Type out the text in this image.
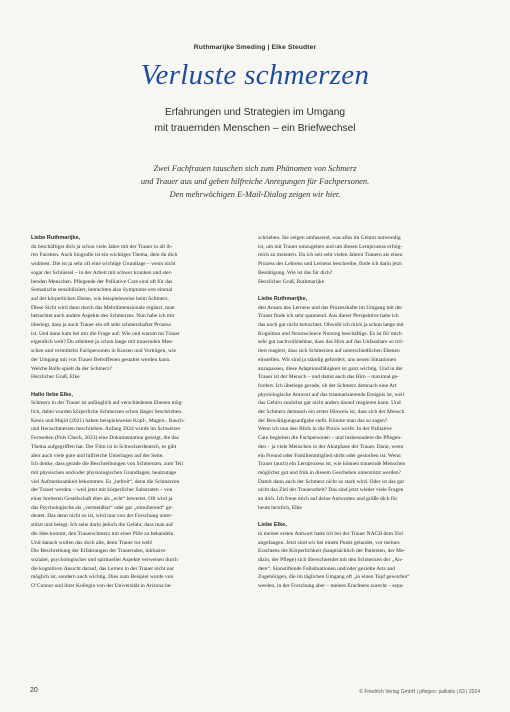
Ruthmarijke Smeding | Elke Steudter
Verluste schmerzen
Erfahrungen und Strategien im Umgang
mit trauernden Menschen – ein Briefwechsel
Zwei Fachfrauen tauschen sich zum Phänomen von Schmerz
und Trauer aus und geben hilfreiche Anregungen für Fachpersonen.
Den mehrwöchigen E-Mail-Dialog zeigen wir hier.
Liebe Ruthmarijke,
du beschäftigst dich ja schon viele Jahre mit der Trauer in all ih-
ren Facetten. Auch biografie ist ein wichtiges Thema, dem du dich
widmest. Die ist ja sehr oft eine wichtige Grundlage – wenn nicht
sogar der Schlüssel – in der Arbeit mit schwer kranken und ster-
benden Menschen. Pflegende der Palliative Care sind oft für das
Somatische sensibilisiert, betrachten also Symptome erst einmal
auf der körperlichen Ebene, wie beispielsweise beim Schmerz.
Diese Sicht wird dann durch das Mehrdimensionale ergänzt, man
betrachtet auch andere Aspekte des Schmerzes. Nun habe ich mir
überlegt, dass ja auch Trauer ein oft sehr schmerzhafter Prozess
ist. Und dann kam bei mir die Frage auf: Wie und warum tut Trauer
eigentlich weh? Du arbeitest ja schon lange mit trauernden Men-
schen und vermittelst Fachpersonen in Kursen und Vorträgen, wie
der Umgang mit von Trauer Betroffenen gestaltet werden kann.
Welche Rolle spielt da der Schmerz?
Herzlicher Gruß, Elke
Hallo liebe Elke,
Schmerz in der Trauer ist anfänglich auf verschiedenen Ebenen mög-
lich, dabei wurden körperliche Schmerzen schon länger beschrieben.
Kenis und Majid (2021) haben beispielsweise Kopf-, Magen-, Bauch-
und Herzschmerzen beschrieben. Anfang 2024 wurde im Schweizer
Fernsehen (Puls Check, 2023) eine Dokumentation gezeigt, die das
Thema aufgegriffen hat. Der Film ist in Schweizerdeutsch, es gibt
aber auch viele gute und hilfreiche Unterlagen auf der Seite.
Ich denke, dass gerade die Beschreibungen von Schmerzen, zum Teil
mit physischen und/oder physiologischen Grundlagen, heutzutage
viel Aufmerksamkeit bekommen. Es „befreit“, denn die Schmerzen
der Trauer werden – weil jetzt mit körperlicher Substraten – von
einer breiteren Gesellschaft eher als „echt“ bewertet. Oft wird ja
das Psychologische als „vermeidbar“ oder gar „simulierend“ ge-
deutet. Das denn nicht so ist, wird nun von der Forschung unter-
stützt und belegt. Ich sehe darin jedoch die Gefahr, dass man auf
die Idee kommt, den Trauerschmerz mit einer Pille zu behandeln.
Und danach wollen das doch alle, denn Trauer tut weh!
Die Beschreibung der Erfahrungen der Trauernden, inklusive
sozialer, psychologischer und spiritueller Aspekte verweisen durch
die kognitiven Ansicht darauf, das Lernen in der Trauer nicht nur
möglich ist, sondern auch wichtig. Dies zum Beispiel wurde von
O’Connor und ihrer Kollegin von der Universität in Arizona be-
schrieben. Sie zeigen umfassend, was alles im Gehirn notwendig
ist, um mit Trauer umzugehen und um diesen Lernprozess erfolg-
reich zu meistern. Da ich seit sehr vielen Jahren Trauern als einen
Prozess des Lehrens und Lernens beschreibe, finde ich darin jetzt
Bestätigung. Wie ist das für dich?
Herzlicher Gruß, Ruthmarijke
Liebe Ruthmarijke,
den Ansatz des Lernens und das Prozesshafte im Umgang mit der
Trauer finde ich sehr spannend. Aus dieser Perspektive habe ich
das noch gar nicht betrachtet. Obwohl ich mich ja schon lange mit
Kognition und Neuroscience Nursing beschäftige. Es ist für mich
sehr gut nachvollziehbar, dass das Hirn auf das Unfassbare so irri-
tiert reagiert, dass sich Schmerzen auf unterschiedlichen Ebenen
einstellen. Wir sind ja ständig gefordert, uns neuen Situationen
anzupassen, diese Adaptionsfähigkeit ist ganz wichtig. Und in der
Trauer ist der Mensch – und damit auch das Hirn – maximal ge-
fordert. Ich überlege gerade, ob der Schmerz demnach eine Art
physiologische Antwort auf das traumatisierende Ereignis ist, weil
das Gehirn zunächst gar nicht anders darauf reagieren kann. Und
der Schmerz demnach ein erster Hinweis ist, dass sich der Mensch
der Bewältigungsaufgabe stellt. Könnte man das so sagen?
Wenn ich nun den Blick in die Praxis werfe: In der Palliative
Care begleiten die Fachpersonen – und insbesondere die Pflegen-
den – ja viele Menschen in der Akutphase der Trauer. Dann, wenn
ein Freund oder Familienmitglied stirbt oder gestorben ist. Wenn
Trauer (auch) ein Lernprozess ist, wie können trauernde Menschen
möglichst gut und früh in diesem Geschehen unterstützt werden?
Damit dann auch der Schmerz nicht so stark wird. Oder ist das gar
nicht das Ziel der Trauerarbeit? Das sind jetzt wieder viele Fragen
an dich. Ich freue mich auf deine Antworten und grüße dich für
heute herzlich, Elke
Liebe Elke,
in meiner ersten Antwort hatte ich bei der Trauer NACH dem Tod
angefangen. Jetzt sind wir bei einem Punkt gelandet, vor meines
Erachtens die Körperlichkeit (hauptsächlich der Patienten, der Me-
dizin, der Pflege) sich überschneidet mit den Schmerzen der „An-
dere“. Sinnstiftende Fallsituationen und/oder gezielte Arts and
Zugehörigen, die im täglichen Umgang oft „in einen Topf geworfen“
werden, in der Forschung aber – meines Erachtens zurecht – sepa-
20	© Friedrich Verlag GmbH | pflegen: palliativ | 63 | 2024
